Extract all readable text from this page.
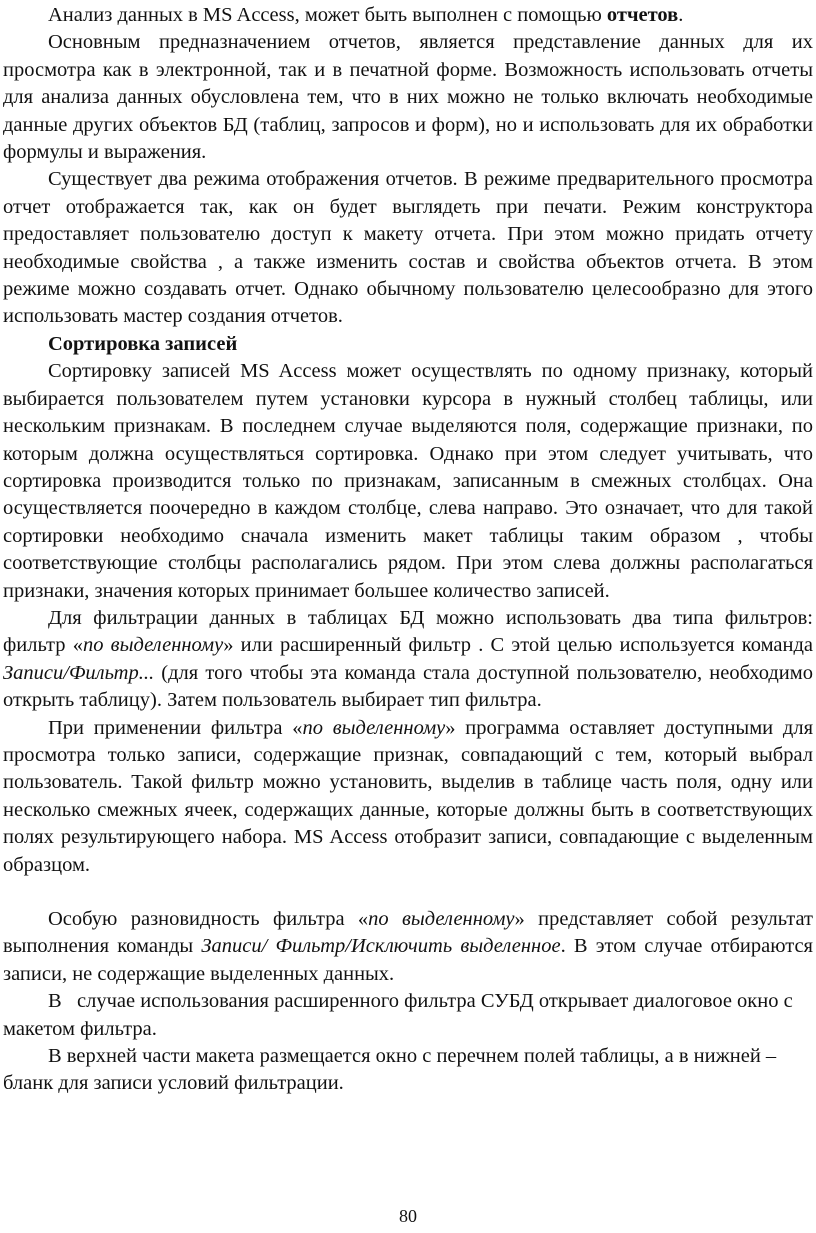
Анализ данных в MS Access, может быть выполнен с помощью отчетов.

Основным предназначением отчетов, является представление данных для их просмотра как в электронной, так и в печатной форме. Возможность использовать отчеты для анализа данных обусловлена тем, что в них можно не только включать необходимые данные других объектов БД (таблиц, запросов и форм), но и использовать для их обработки формулы и выражения.

Существует два режима отображения отчетов. В режиме предварительного просмотра отчет отображается так, как он будет выглядеть при печати. Режим конструктора предоставляет пользователю доступ к макету отчета. При этом можно придать отчету необходимые свойства , а также изменить состав и свойства объектов отчета. В этом режиме можно создавать отчет. Однако обычному пользователю целесообразно для этого использовать мастер создания отчетов.

Сортировка записей

Сортировку записей MS Access может осуществлять по одному признаку, который выбирается пользователем путем установки курсора в нужный столбец таблицы, или нескольким признакам. В последнем случае выделяются поля, содержащие признаки, по которым должна осуществляться сортировка. Однако при этом следует учитывать, что сортировка производится только по признакам, записанным в смежных столбцах. Она осуществляется поочередно в каждом столбце, слева направо. Это означает, что для такой сортировки необходимо сначала изменить макет таблицы таким образом , чтобы соответствующие столбцы располагались рядом. При этом слева должны располагаться признаки, значения которых принимает большее количество записей.

Для фильтрации данных в таблицах БД можно использовать два типа фильтров: фильтр «по выделенному» или расширенный фильтр . С этой целью используется команда Записи/Фильтр... (для того чтобы эта команда стала доступной пользователю, необходимо открыть таблицу). Затем пользователь выбирает тип фильтра.

При применении фильтра «по выделенному» программа оставляет доступными для просмотра только записи, содержащие признак, совпадающий с тем, который выбрал пользователь. Такой фильтр можно установить, выделив в таблице часть поля, одну или несколько смежных ячеек, содержащих данные, которые должны быть в соответствующих полях результирующего набора. MS Access отобразит записи, совпадающие с выделенным образцом.

Особую разновидность фильтра «по выделенному» представляет собой результат выполнения команды Записи/ Фильтр/Исключить выделенное. В этом случае отбираются записи, не содержащие выделенных данных.

В   случае использования расширенного фильтра СУБД открывает диалоговое окно с макетом фильтра.

В верхней части макета размещается окно с перечнем полей таблицы, а в нижней – бланк для записи условий фильтрации.

80
